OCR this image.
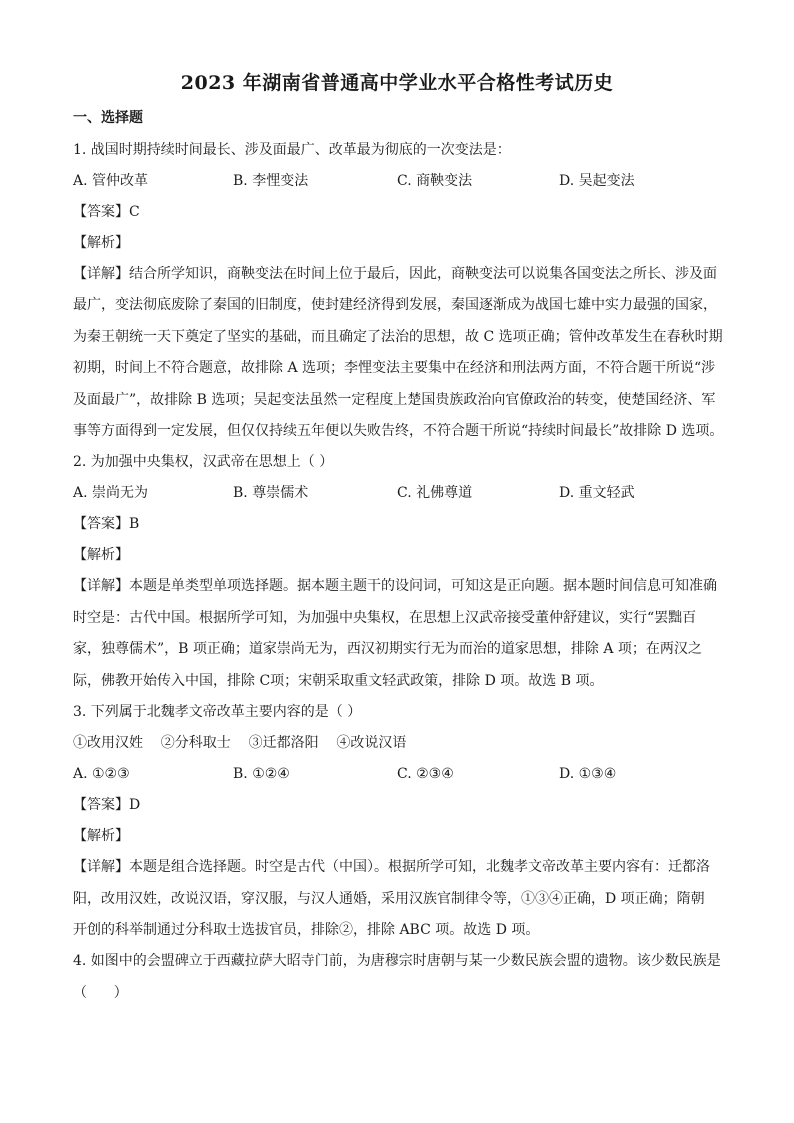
2023 年湖南省普通高中学业水平合格性考试历史
一、选择题
1. 战国时期持续时间最长、涉及面最广、改革最为彻底的一次变法是：
A. 管仲改革	B. 李悝变法	C. 商鞅变法	D. 吴起变法
【答案】C
【解析】
【详解】结合所学知识，商鞅变法在时间上位于最后，因此，商鞅变法可以说集各国变法之所长、涉及面
最广，变法彻底废除了秦国的旧制度，使封建经济得到发展，秦国逐渐成为战国七雄中实力最强的国家，
为秦王朝统一天下奠定了坚实的基础，而且确定了法治的思想，故 C 选项正确；管仲改革发生在春秋时期
初期，时间上不符合题意，故排除 A 选项；李悝变法主要集中在经济和刑法两方面，不符合题干所说“涉
及面最广”，故排除 B 选项；吴起变法虽然一定程度上楚国贵族政治向官僚政治的转变，使楚国经济、军
事等方面得到一定发展，但仅仅持续五年便以失败告终，不符合题干所说“持续时间最长”故排除 D 选项。
2. 为加强中央集权，汉武帝在思想上（ ）
A. 崇尚无为	B. 尊崇儒术	C. 礼佛尊道	D. 重文轻武
【答案】B
【解析】
【详解】本题是单类型单项选择题。据本题主题干的设问词，可知这是正向题。据本题时间信息可知准确
时空是：古代中国。根据所学可知，为加强中央集权，在思想上汉武帝接受董仲舒建议，实行“罢黜百
家，独尊儒术”，B 项正确；道家崇尚无为，西汉初期实行无为而治的道家思想，排除 A 项；在两汉之
际，佛教开始传入中国，排除 C项；宋朝采取重文轻武政策，排除 D 项。故选 B 项。
3. 下列属于北魏孝文帝改革主要内容的是（ ）
①改用汉姓    ②分科取士    ③迁都洛阳    ④改说汉语
A. ①②③	B. ①②④	C. ②③④	D. ①③④
【答案】D
【解析】
【详解】本题是组合选择题。时空是古代（中国）。根据所学可知，北魏孝文帝改革主要内容有：迁都洛
阳，改用汉姓，改说汉语，穿汉服，与汉人通婚，采用汉族官制律令等，①③④正确，D 项正确；隋朝
开创的科举制通过分科取士选拔官员，排除②，排除 ABC 项。故选 D 项。
4. 如图中的会盟碑立于西藏拉萨大昭寺门前，为唐穆宗时唐朝与某一少数民族会盟的遗物。该少数民族是
（      ）
